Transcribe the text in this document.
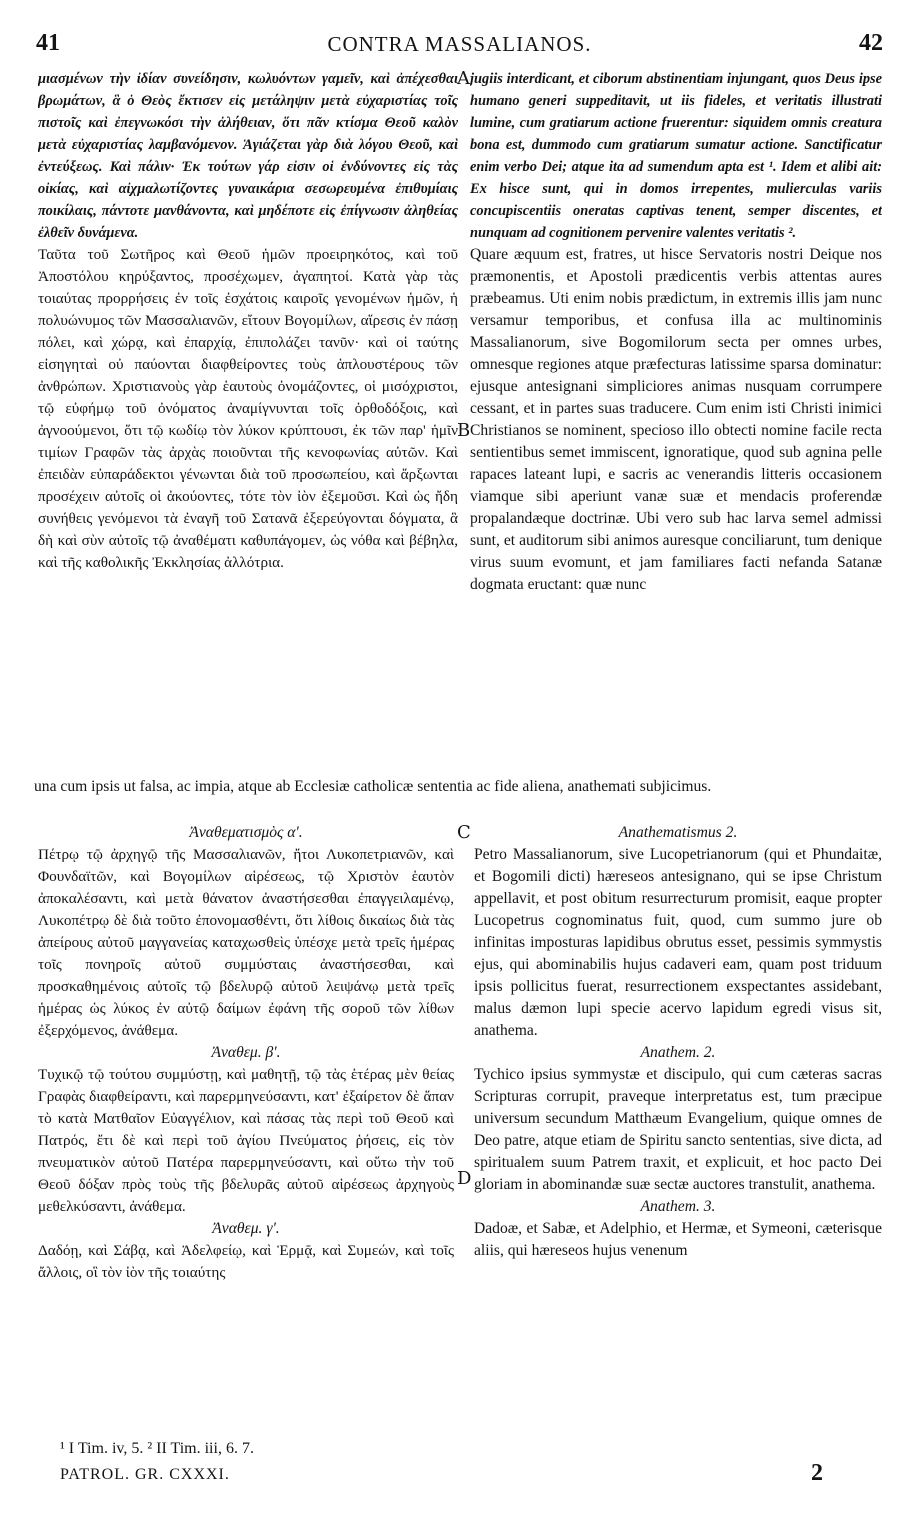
41	CONTRA MASSALIANOS.	42

μιασμένων τὴν ἰδίαν συνείδησιν, κωλυόντων γαμεῖν, καὶ ἀπέχεσθαι βρωμάτων, ἃ ὁ Θεὸς ἔκτισεν εἰς μετάληψιν μετὰ εὐχαριστίας τοῖς πιστοῖς καὶ ἐπεγνωκόσι τὴν ἀλήθειαν, ὅτι πᾶν κτίσμα Θεοῦ καλὸν μετὰ εὐχαριστίας λαμβανόμενον. Ἁγιάζεται γὰρ διὰ λόγου Θεοῦ, καὶ ἐντεύξεως. Καὶ πάλιν· Ἐκ τούτων γάρ εἰσιν οἱ ἐνδύνοντες εἰς τὰς οἰκίας, καὶ αἰχμαλωτίζοντες γυναικάρια σεσωρευμένα ἐπιθυμίαις ποικίλαις, πάντοτε μανθάνοντα, καὶ μηδέποτε εἰς ἐπίγνωσιν ἀληθείας ἐλθεῖν δυνάμενα.

Ταῦτα τοῦ Σωτῆρος καὶ Θεοῦ ἡμῶν προειρηκότος, καὶ τοῦ Ἀποστόλου κηρύξαντος, προσέχωμεν, ἀγαπητοί. Κατὰ γὰρ τὰς τοιαύτας προρρήσεις ἐν τοῖς ἐσχάτοις καιροῖς γενομένων ἡμῶν, ἡ πολυώνυμος τῶν Μασσαλιανῶν, εἴτουν Βογομίλων, αἵρεσις ἐν πάσῃ πόλει, καὶ χώρᾳ, καὶ ἐπαρχίᾳ, ἐπιπολάζει τανῦν· καὶ οἱ ταύτης εἰσηγηταὶ οὐ παύονται διαφθείροντες τοὺς ἁπλουστέρους τῶν ἀνθρώπων. Χριστιανοὺς γὰρ ἑαυτοὺς ὀνομάζοντες, οἱ μισόχριστοι, τῷ εὐφήμῳ τοῦ ὀνόματος ἀναμίγνυνται τοῖς ὀρθοδόξοις, καὶ ἀγνοούμενοι, ὅτι τῷ κωδίῳ τὸν λύκον κρύπτουσι, ἐκ τῶν παρ' ἡμῖν τιμίων Γραφῶν τὰς ἀρχὰς ποιοῦνται τῆς κενοφωνίας αὐτῶν. Καὶ ἐπειδὰν εὐπαράδεκτοι γένωνται διὰ τοῦ προσωπείου, καὶ ἄρξωνται προσέχειν αὐτοῖς οἱ ἀκούοντες, τότε τὸν ἰὸν ἐξεμοῦσι. Καὶ ὡς ἤδη συνήθεις γενόμενοι τὰ ἐναγῆ τοῦ Σατανᾶ ἐξερεύγονται δόγματα, ἃ δὴ καὶ σὺν αὐτοῖς τῷ ἀναθέματι καθυπάγομεν, ὡς νόθα καὶ βέβηλα, καὶ τῆς καθολικῆς Ἐκκλησίας ἀλλότρια.

jugiis interdicant, et ciborum abstinentiam injungant, quos Deus ipse humano generi suppeditavit, ut iis fideles, et veritatis illustrati lumine, cum gratiarum actione fruerentur: siquidem omnis creatura bona est, dummodo cum gratiarum sumatur actione. Sanctificatur enim verbo Dei; atque ita ad sumendum apta est ¹. Idem et alibi ait: Ex hisce sunt, qui in domos irrepentes, mulierculas variis concupiscentiis oneratas captivas tenent, semper discentes, et nunquam ad cognitionem pervenire valentes veritatis ².

Quare æquum est, fratres, ut hisce Servatoris nostri Deique nos præmonentis, et Apostoli prædicentis verbis attentas aures præbeamus. Uti enim nobis prædictum, in extremis illis jam nunc versamur temporibus, et confusa illa ac multinominis Massalianorum, sive Bogomilorum secta per omnes urbes, omnesque regiones atque præfecturas latissime sparsa dominatur: ejusque antesignani simpliciores animas nusquam corrumpere cessant, et in partes suas traducere. Cum enim isti Christi inimici Christianos se nominent, specioso illo obtecti nomine facile recta sentientibus semet immiscent, ignoratique, quod sub agnina pelle rapaces lateant lupi, e sacris ac venerandis litteris occasionem viamque sibi aperiunt vanæ suæ et mendacis proferendæ propalandæque doctrinæ. Ubi vero sub hac larva semel admissi sunt, et auditorum sibi animos auresque conciliarunt, tum denique virus suum evomunt, et jam familiares facti nefanda Satanæ dogmata eructant: quæ nunc

A
B
C
D
una cum ipsis ut falsa, ac impia, atque ab Ecclesiæ catholicæ sententia ac fide aliena, anathemati subjicimus.

Ἀναθεματισμὸς α'.

Πέτρῳ τῷ ἀρχηγῷ τῆς Μασσαλιανῶν, ἤτοι Λυκοπετριανῶν, καὶ Φουνδαϊτῶν, καὶ Βογομίλων αἱρέσεως, τῷ Χριστὸν ἑαυτὸν ἀποκαλέσαντι, καὶ μετὰ θάνατον ἀναστήσεσθαι ἐπαγγειλαμένῳ, Λυκοπέτρῳ δὲ διὰ τοῦτο ἐπονομασθέντι, ὅτι λίθοις δικαίως διὰ τὰς ἀπείρους αὐτοῦ μαγγανείας καταχωσθεὶς ὑπέσχε μετὰ τρεῖς ἡμέρας τοῖς πονηροῖς αὐτοῦ συμμύσταις ἀναστήσεσθαι, καὶ προσκαθημένοις αὐτοῖς τῷ βδελυρῷ αὐτοῦ λειψάνῳ μετὰ τρεῖς ἡμέρας ὡς λύκος ἐν αὐτῷ δαίμων ἐφάνη τῆς σοροῦ τῶν λίθων ἐξερχόμενος, ἀνάθεμα.

Ἀναθεμ. β'.

Τυχικῷ τῷ τούτου συμμύστῃ, καὶ μαθητῇ, τῷ τὰς ἑτέρας μὲν θείας Γραφὰς διαφθείραντι, καὶ παρερμηνεύσαντι, κατ' ἐξαίρετον δὲ ἅπαν τὸ κατὰ Ματθαῖον Εὐαγγέλιον, καὶ πάσας τὰς περὶ τοῦ Θεοῦ καὶ Πατρός, ἔτι δὲ καὶ περὶ τοῦ ἁγίου Πνεύματος ῥήσεις, εἰς τὸν πνευματικὸν αὐτοῦ Πατέρα παρερμηνεύσαντι, καὶ οὕτω τὴν τοῦ Θεοῦ δόξαν πρὸς τοὺς τῆς βδελυρᾶς αὐτοῦ αἱρέσεως ἀρχηγοὺς μεθελκύσαντι, ἀνάθεμα.

Ἀναθεμ. γ'.

Δαδόῃ, καὶ Σάβᾳ, καὶ Ἀδελφείῳ, καὶ Ἑρμᾷ, καὶ Συμεών, καὶ τοῖς ἄλλοις, οἳ τὸν ἰὸν τῆς τοιαύτης

Anathematismus 2.

Petro Massalianorum, sive Lucopetrianorum (qui et Phundaitæ, et Bogomili dicti) hæreseos antesignano, qui se ipse Christum appellavit, et post obitum resurrecturum promisit, eaque propter Lucopetrus cognominatus fuit, quod, cum summo jure ob infinitas imposturas lapidibus obrutus esset, pessimis symmystis ejus, qui abominabilis hujus cadaveri eam, quam post triduum ipsis pollicitus fuerat, resurrectionem exspectantes assidebant, malus dæmon lupi specie acervo lapidum egredi visus sit, anathema.

Anathem. 2.

Tychico ipsius symmystæ et discipulo, qui cum cæteras sacras Scripturas corrupit, praveque interpretatus est, tum præcipue universum secundum Matthæum Evangelium, quique omnes de Deo patre, atque etiam de Spiritu sancto sententias, sive dicta, ad spiritualem suum Patrem traxit, et explicuit, et hoc pacto Dei gloriam in abominandæ suæ sectæ auctores transtulit, anathema.

Anathem. 3.

Dadoæ, et Sabæ, et Adelphio, et Hermæ, et Symeoni, cæterisque aliis, qui hæreseos hujus venenum

¹ I Tim. iv, 5. ² II Tim. iii, 6. 7.
PATROL. GR. CXXXI.	2
